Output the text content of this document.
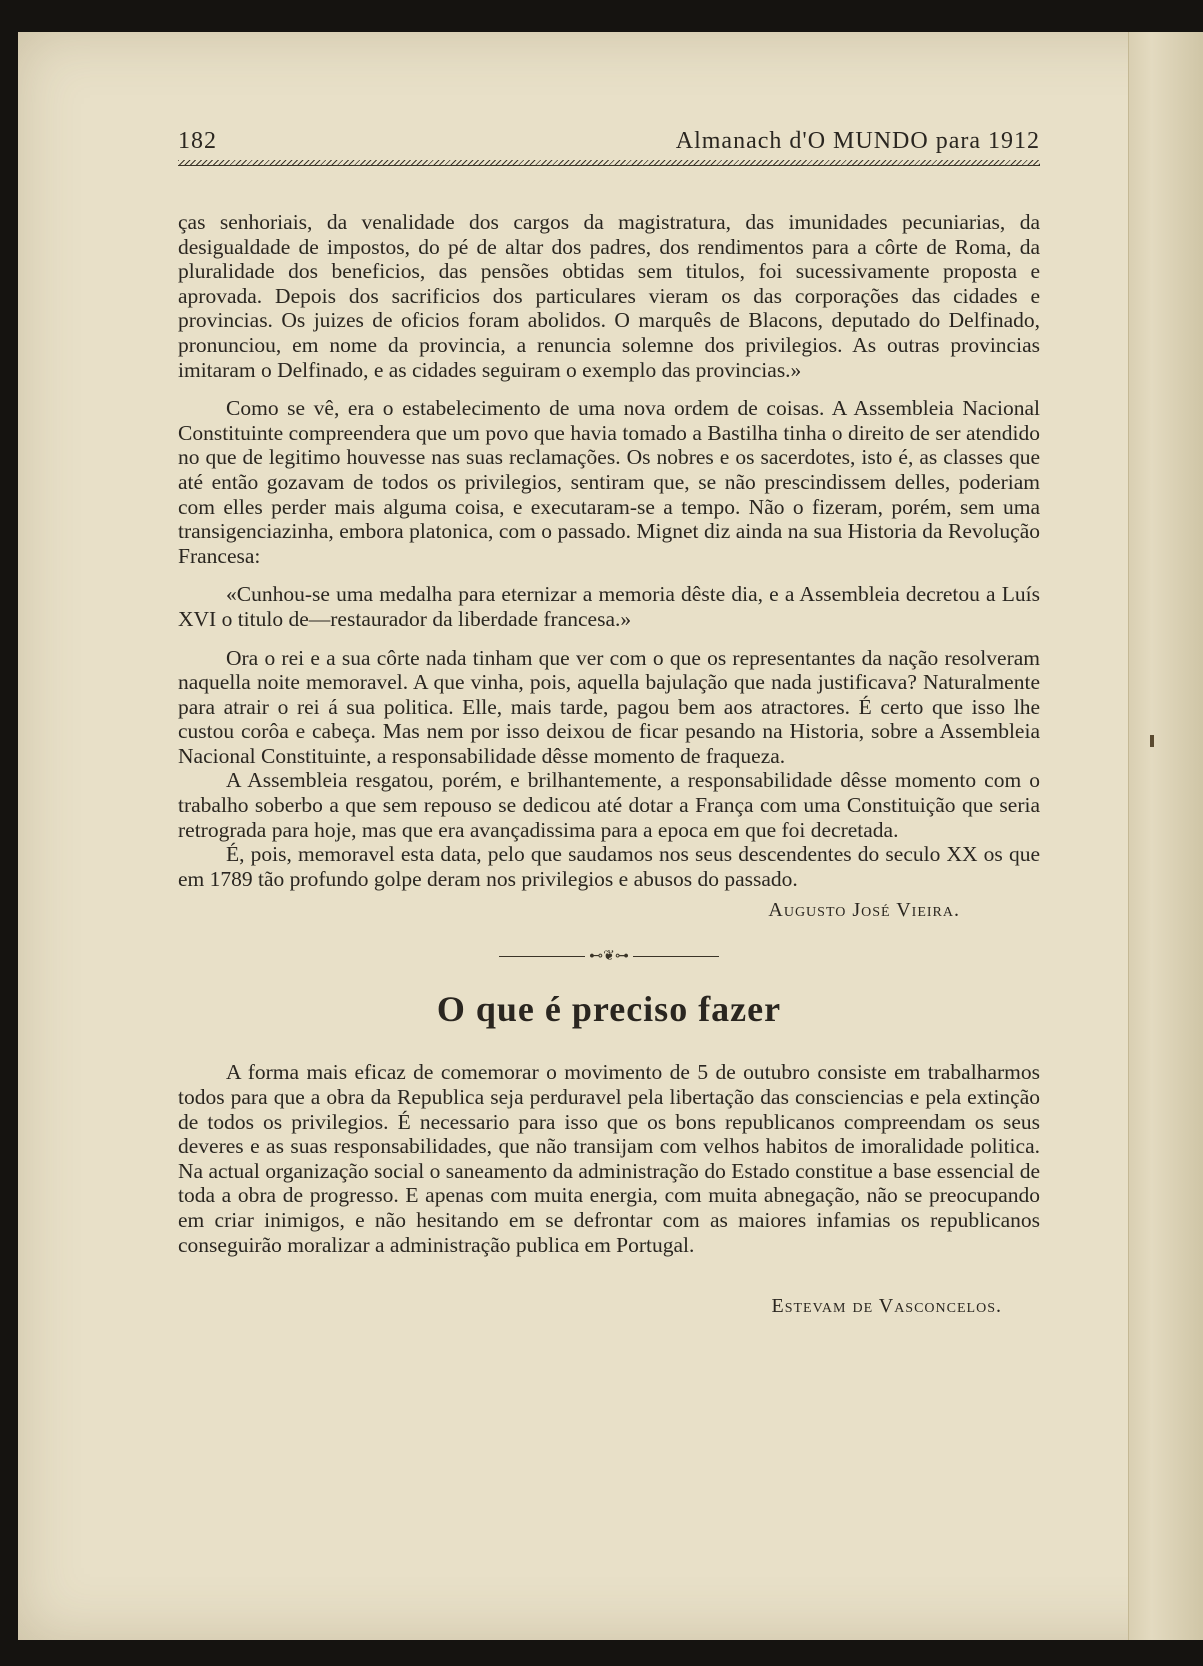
182	Almanach d'O MUNDO para 1912

ças senhoriais, da venalidade dos cargos da magistratura, das imunidades pecuniarias, da desigualdade de impostos, do pé de altar dos padres, dos rendimentos para a côrte de Roma, da pluralidade dos beneficios, das pensões obtidas sem titulos, foi sucessivamente proposta e aprovada. Depois dos sacrificios dos particulares vieram os das corporações das cidades e provincias. Os juizes de oficios foram abolidos. O marquês de Blacons, deputado do Delfinado, pronunciou, em nome da provincia, a renuncia solemne dos privilegios. As outras provincias imitaram o Delfinado, e as cidades seguiram o exemplo das provincias.»

Como se vê, era o estabelecimento de uma nova ordem de coisas. A Assembleia Nacional Constituinte compreendera que um povo que havia tomado a Bastilha tinha o direito de ser atendido no que de legitimo houvesse nas suas reclamações. Os nobres e os sacerdotes, isto é, as classes que até então gozavam de todos os privilegios, sentiram que, se não prescindissem delles, poderiam com elles perder mais alguma coisa, e executaram-se a tempo. Não o fizeram, porém, sem uma transigenciazinha, embora platonica, com o passado. Mignet diz ainda na sua Historia da Revolução Francesa:

«Cunhou-se uma medalha para eternizar a memoria dêste dia, e a Assembleia decretou a Luís XVI o titulo de—restaurador da liberdade francesa.»

Ora o rei e a sua côrte nada tinham que ver com o que os representantes da nação resolveram naquella noite memoravel. A que vinha, pois, aquella bajulação que nada justificava? Naturalmente para atrair o rei á sua politica. Elle, mais tarde, pagou bem aos atractores. É certo que isso lhe custou corôa e cabeça. Mas nem por isso deixou de ficar pesando na Historia, sobre a Assembleia Nacional Constituinte, a responsabilidade dêsse momento de fraqueza.

A Assembleia resgatou, porém, e brilhantemente, a responsabilidade dêsse momento com o trabalho soberbo a que sem repouso se dedicou até dotar a França com uma Constituição que seria retrograda para hoje, mas que era avançadissima para a epoca em que foi decretada.

É, pois, memoravel esta data, pelo que saudamos nos seus descendentes do seculo XX os que em 1789 tão profundo golpe deram nos privilegios e abusos do passado.

Augusto José Vieira.
⊷❦⊶
O que é preciso fazer

A forma mais eficaz de comemorar o movimento de 5 de outubro consiste em trabalharmos todos para que a obra da Republica seja perduravel pela libertação das consciencias e pela extinção de todos os privilegios. É necessario para isso que os bons republicanos compreendam os seus deveres e as suas responsabilidades, que não transijam com velhos habitos de imoralidade politica. Na actual organização social o saneamento da administração do Estado constitue a base essencial de toda a obra de progresso. E apenas com muita energia, com muita abnegação, não se preocupando em criar inimigos, e não hesitando em se defrontar com as maiores infamias os republicanos conseguirão moralizar a administração publica em Portugal.

Estevam de Vasconcelos.
